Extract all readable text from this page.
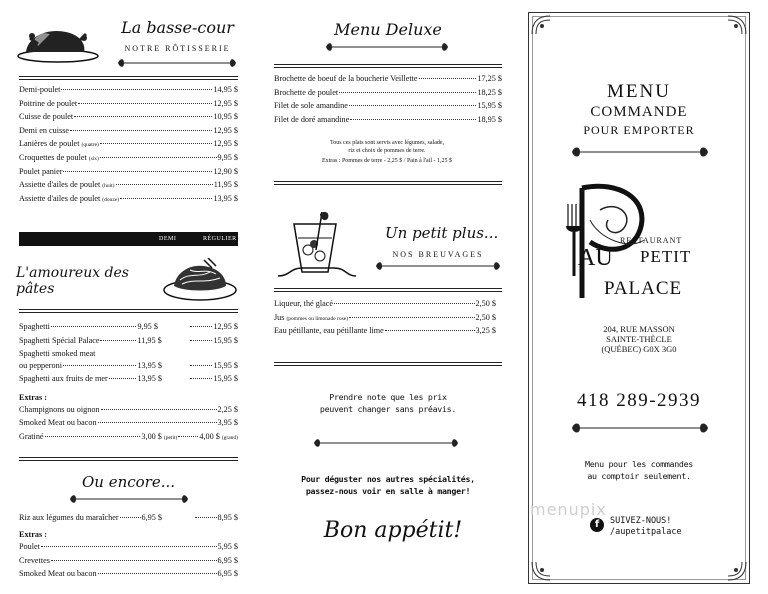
La basse-cour
NOTRE RÔTISSERIE
Demi-poulet	14,95 $
Poitrine de poulet	12,95 $
Cuisse de poulet	10,95 $
Demi en cuisse	12,95 $
Lanières de poulet (quatre)	12,95 $
Croquettes de poulet (six)	9,95 $
Poulet panier	12,90 $
Assiette d'ailes de poulet (huit)	11,95 $
Assiette d'ailes de poulet (douze)	13,95 $
DEMI	RÉGULIER
L'amoureux des pâtes
Spaghetti	9,95 $	12,95 $
Spaghetti Spécial Palace	11,95 $	15,95 $
Spaghetti smoked meat
ou pepperoni	13,95 $	15,95 $
Spaghetti aux fruits de mer	13,95 $	15,95 $
Extras :
Champignons ou oignon	2,25 $
Smoked Meat ou bacon	3,95 $
Gratiné	3,00 $ (petit)	4,00 $ (grand)
Ou encore...
Riz aux légumes du maraîcher	6,95 $	8,95 $
Extras :
Poulet	5,95 $
Crevettes	6,95 $
Smoked Meat ou bacon	6,95 $
Menu Deluxe
Brochette de boeuf de la boucherie Veillette	17,25 $
Brochette de poulet	18,25 $
Filet de sole amandine	15,95 $
Filet de doré amandine	18,95 $
Tous ces plats sont servis avec légumes, salade,
riz et choix de pommes de terre.
Extras : Pommes de terre - 2,25 $ / Pain à l'ail - 1,25 $
Un petit plus...
NOS BREUVAGES
Liqueur, thé glacé	2,50 $
Jus (pommes ou limonade rose)	2,50 $
Eau pétillante, eau pétillante lime	3,25 $
Prendre note que les prix
peuvent changer sans préavis.
Pour déguster nos autres spécialités,
passez-nous voir en salle à manger!
Bon appétit!
MENU
COMMANDE
POUR EMPORTER
RESTAURANT
AU PETIT
PALACE
204, RUE MASSON
SAINTE-THÈCLE
(QUÉBEC) G0X 3G0
418 289-2939
Menu pour les commandes
au comptoir seulement.
f	SUIVEZ-NOUS!
/aupetitpalace
menupix
